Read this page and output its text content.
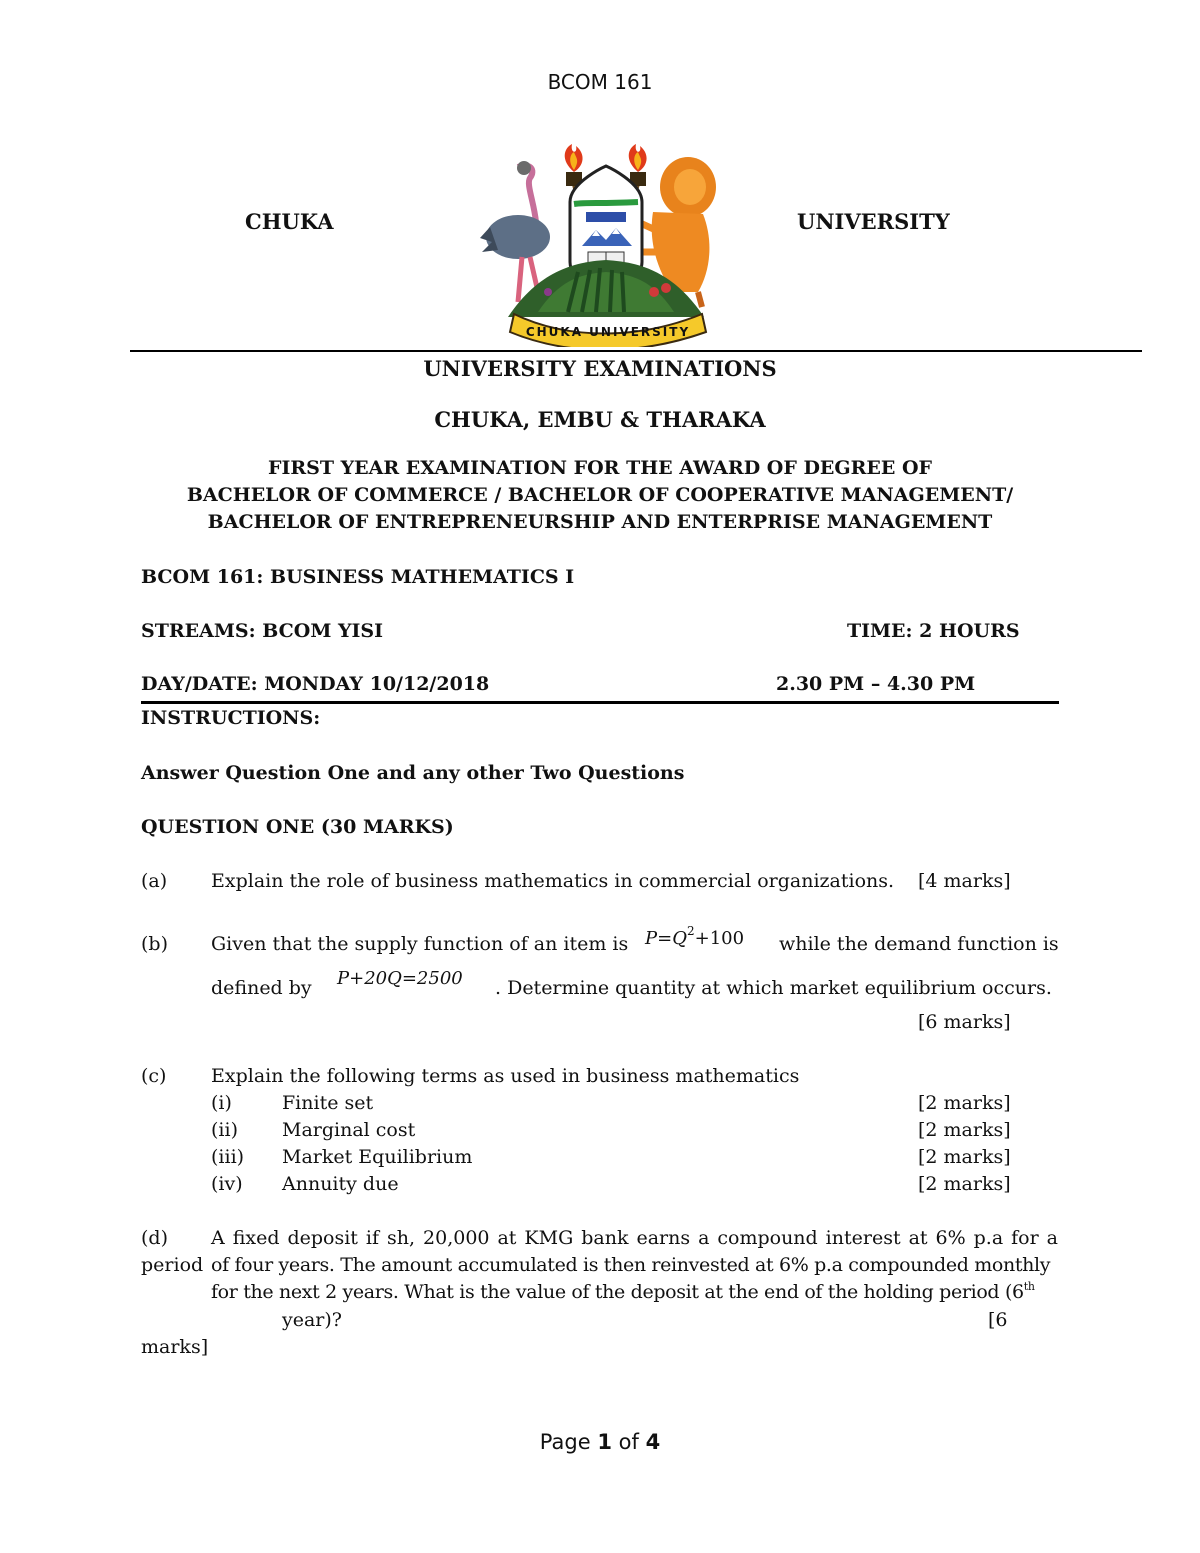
BCOM 161
CHUKA	UNIVERSITY
CHUKA UNIVERSITY
UNIVERSITY EXAMINATIONS
CHUKA, EMBU & THARAKA
FIRST YEAR EXAMINATION FOR THE AWARD OF DEGREE OF
BACHELOR OF COMMERCE / BACHELOR OF COOPERATIVE MANAGEMENT/
BACHELOR OF ENTREPRENEURSHIP AND ENTERPRISE MANAGEMENT
BCOM 161: BUSINESS MATHEMATICS I
STREAMS: BCOM YISI	TIME: 2 HOURS
DAY/DATE: MONDAY 10/12/2018	2.30 PM – 4.30 PM
INSTRUCTIONS:
Answer Question One and any other Two Questions
QUESTION ONE (30 MARKS)
(a) Explain the role of business mathematics in commercial organizations. [4 marks]
(b) Given that the supply function of an item is $P=Q^2+100$ while the demand function is
defined by P+20Q=2500 . Determine quantity at which market equilibrium occurs.
[6 marks]
(c) Explain the following terms as used in business mathematics
(i)	Finite set	[2 marks]
(ii) Marginal cost	[2 marks]
(iii) Market Equilibrium	[2 marks]
(iv) Annuity due	[2 marks]
(d) A fixed deposit if sh, 20,000 at KMG bank earns a compound interest at 6% p.a for a
period of four years. The amount accumulated is then reinvested at 6% p.a compounded monthly
for the next 2 years. What is the value of the deposit at the end of the holding period (6th
year)?	[6
marks]
Page 1 of 4
